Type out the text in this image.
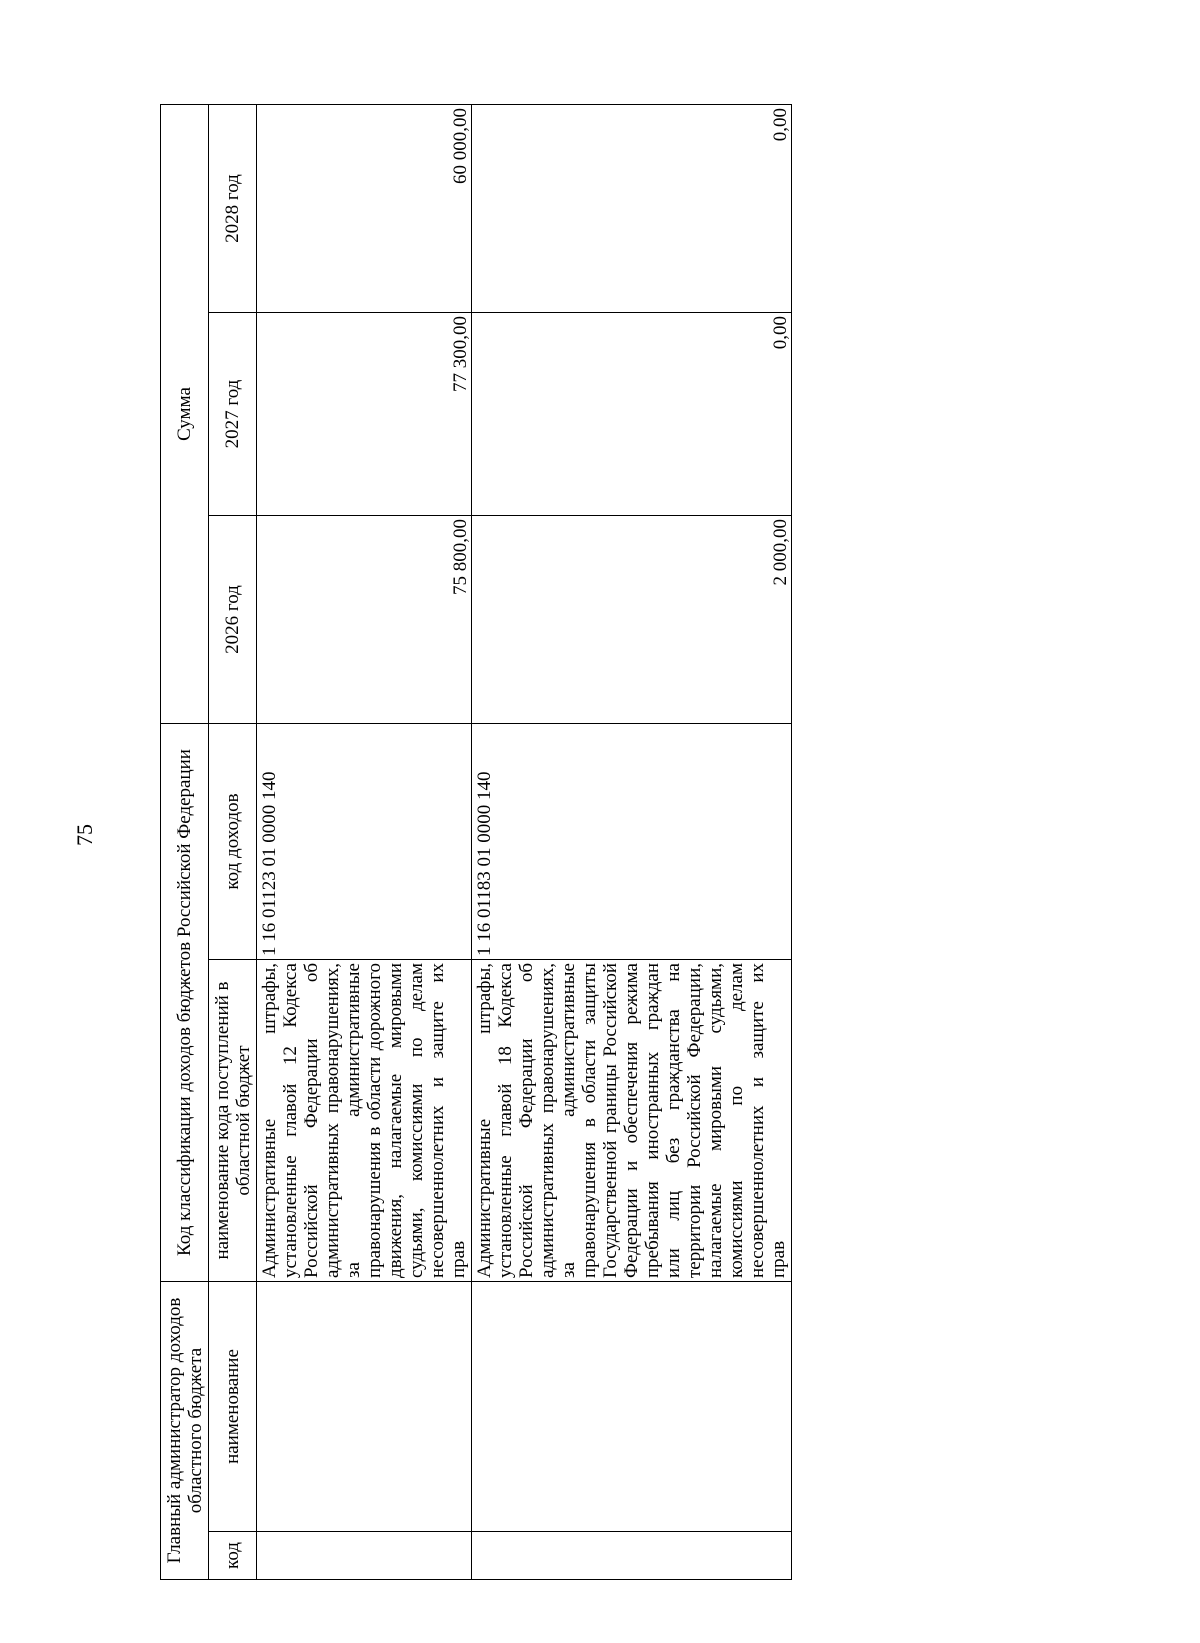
75
Главный администратор доходов областного бюджета		Код классификации доходов бюджетов Российской Федерации		Сумма		
код	наименование	наименование кода поступлений в областной бюджет	код доходов	2026 год	2027 год	2028 год
		Административные штрафы, установленные главой 12 Кодекса Российской Федерации об административных правонарушениях, за административные правонарушения в области дорожного движения, налагаемые мировыми судьями, комиссиями по делам несовершеннолетних и защите их прав	1 16 01123 01 0000 140	75 800,00	77 300,00	60 000,00
		Административные штрафы, установленные главой 18 Кодекса Российской Федерации об административных правонарушениях, за административные правонарушения в области защиты Государственной границы Российской Федерации и обеспечения режима пребывания иностранных граждан или лиц без гражданства на территории Российской Федерации, налагаемые мировыми судьями, комиссиями по делам несовершеннолетних и защите их прав	1 16 01183 01 0000 140	2 000,00	0,00	0,00
